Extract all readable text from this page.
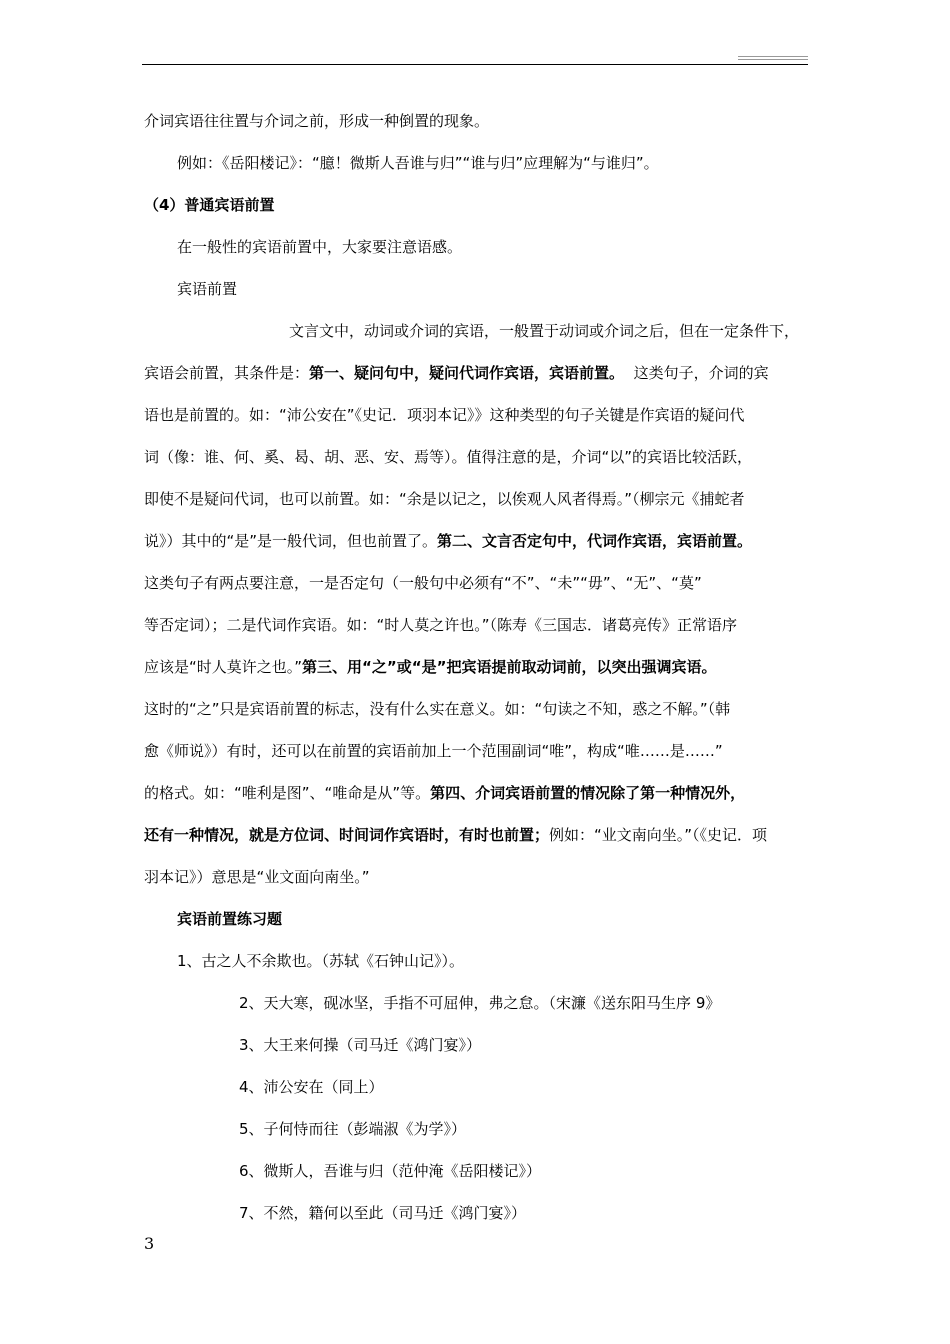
介词宾语往往置与介词之前，形成一种倒置的现象。
例如：《岳阳楼记》：“臆！微斯人吾谁与归”“谁与归”应理解为“与谁归”。
（4）普通宾语前置
在一般性的宾语前置中，大家要注意语感。
宾语前置
文言文中，动词或介词的宾语，一般置于动词或介词之后，但在一定条件下，
宾语会前置，其条件是：第一、疑问句中，疑问代词作宾语，宾语前置。 这类句子，介词的宾
语也是前置的。如：“沛公安在”《史记．项羽本记》》这种类型的句子关键是作宾语的疑问代
词（像：谁、何、奚、曷、胡、恶、安、焉等）。值得注意的是，介词“以”的宾语比较活跃，
即使不是疑问代词，也可以前置。如：“余是以记之，以俟观人风者得焉。”（柳宗元《捕蛇者
说》）其中的“是”是一般代词，但也前置了。第二、文言否定句中，代词作宾语，宾语前置。
这类句子有两点要注意，一是否定句（一般句中必须有“不”、“未”“毋”、“无”、“莫”
等否定词）；二是代词作宾语。如：“时人莫之许也。”（陈寿《三国志．诸葛亮传》正常语序
应该是“时人莫许之也。”第三、用“之”或“是”把宾语提前取动词前，以突出强调宾语。
这时的“之”只是宾语前置的标志，没有什么实在意义。如：“句读之不知，惑之不解。”（韩
愈《师说》）有时，还可以在前置的宾语前加上一个范围副词“唯”，构成“唯……是……”
的格式。如：“唯利是图”、“唯命是从”等。第四、介词宾语前置的情况除了第一种情况外，
还有一种情况，就是方位词、时间词作宾语时，有时也前置；例如：“业文南向坐。”（《史记．项
羽本记》）意思是“业文面向南坐。”
宾语前置练习题
1、古之人不余欺也。（苏轼《石钟山记》）。
2、天大寒，砚冰坚，手指不可屈伸，弗之怠。（宋濂《送东阳马生序 9》
3、大王来何操（司马迁《鸿门宴》）
4、沛公安在（同上）
5、子何恃而往（彭端淑《为学》）
6、微斯人，吾谁与归（范仲淹《岳阳楼记》）
7、不然，籍何以至此（司马迁《鸿门宴》）
3
